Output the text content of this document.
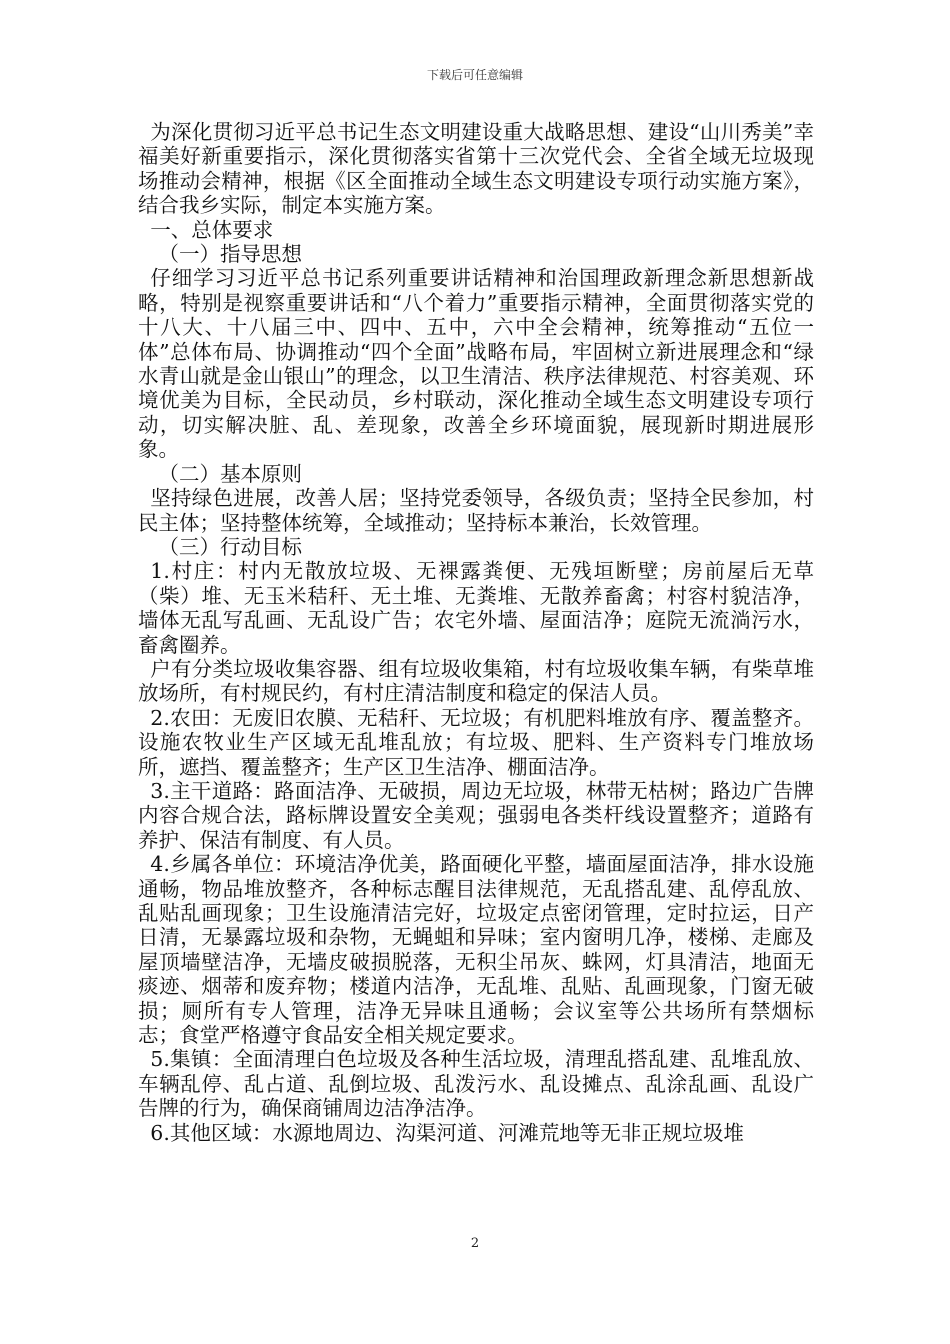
下载后可任意编辑

为深化贯彻习近平总书记生态文明建设重大战略思想、建设“山川秀美”幸福美好新重要指示，深化贯彻落实省第十三次党代会、全省全域无垃圾现场推动会精神，根据《区全面推动全域生态文明建设专项行动实施方案》，结合我乡实际，制定本实施方案。

一、总体要求

（一）指导思想

仔细学习习近平总书记系列重要讲话精神和治国理政新理念新思想新战略，特别是视察重要讲话和“八个着力”重要指示精神，全面贯彻落实党的十八大、十八届三中、四中、五中，六中全会精神，统筹推动“五位一体”总体布局、协调推动“四个全面”战略布局，牢固树立新进展理念和“绿水青山就是金山银山”的理念，以卫生清洁、秩序法律规范、村容美观、环境优美为目标，全民动员，乡村联动，深化推动全域生态文明建设专项行动，切实解决脏、乱、差现象，改善全乡环境面貌，展现新时期进展形象。

（二）基本原则

坚持绿色进展，改善人居；坚持党委领导，各级负责；坚持全民参加，村民主体；坚持整体统筹，全域推动；坚持标本兼治，长效管理。

（三）行动目标

1.村庄：村内无散放垃圾、无裸露粪便、无残垣断壁；房前屋后无草（柴）堆、无玉米秸秆、无土堆、无粪堆、无散养畜禽；村容村貌洁净，墙体无乱写乱画、无乱设广告；农宅外墙、屋面洁净；庭院无流淌污水，畜禽圈养。

户有分类垃圾收集容器、组有垃圾收集箱，村有垃圾收集车辆，有柴草堆放场所，有村规民约，有村庄清洁制度和稳定的保洁人员。

2.农田：无废旧农膜、无秸秆、无垃圾；有机肥料堆放有序、覆盖整齐。设施农牧业生产区域无乱堆乱放；有垃圾、肥料、生产资料专门堆放场所，遮挡、覆盖整齐；生产区卫生洁净、棚面洁净。

3.主干道路：路面洁净、无破损，周边无垃圾，林带无枯树；路边广告牌内容合规合法，路标牌设置安全美观；强弱电各类杆线设置整齐；道路有养护、保洁有制度、有人员。

4.乡属各单位：环境洁净优美，路面硬化平整，墙面屋面洁净，排水设施通畅，物品堆放整齐，各种标志醒目法律规范，无乱搭乱建、乱停乱放、乱贴乱画现象；卫生设施清洁完好，垃圾定点密闭管理，定时拉运，日产日清，无暴露垃圾和杂物，无蝇蛆和异味；室内窗明几净，楼梯、走廊及屋顶墙壁洁净，无墙皮破损脱落，无积尘吊灰、蛛网，灯具清洁，地面无痰迹、烟蒂和废弃物；楼道内洁净，无乱堆、乱贴、乱画现象，门窗无破损；厕所有专人管理，洁净无异味且通畅；会议室等公共场所有禁烟标志；食堂严格遵守食品安全相关规定要求。

5.集镇：全面清理白色垃圾及各种生活垃圾，清理乱搭乱建、乱堆乱放、车辆乱停、乱占道、乱倒垃圾、乱泼污水、乱设摊点、乱涂乱画、乱设广告牌的行为，确保商铺周边洁净洁净。

6.其他区域：水源地周边、沟渠河道、河滩荒地等无非正规垃圾堆

2
